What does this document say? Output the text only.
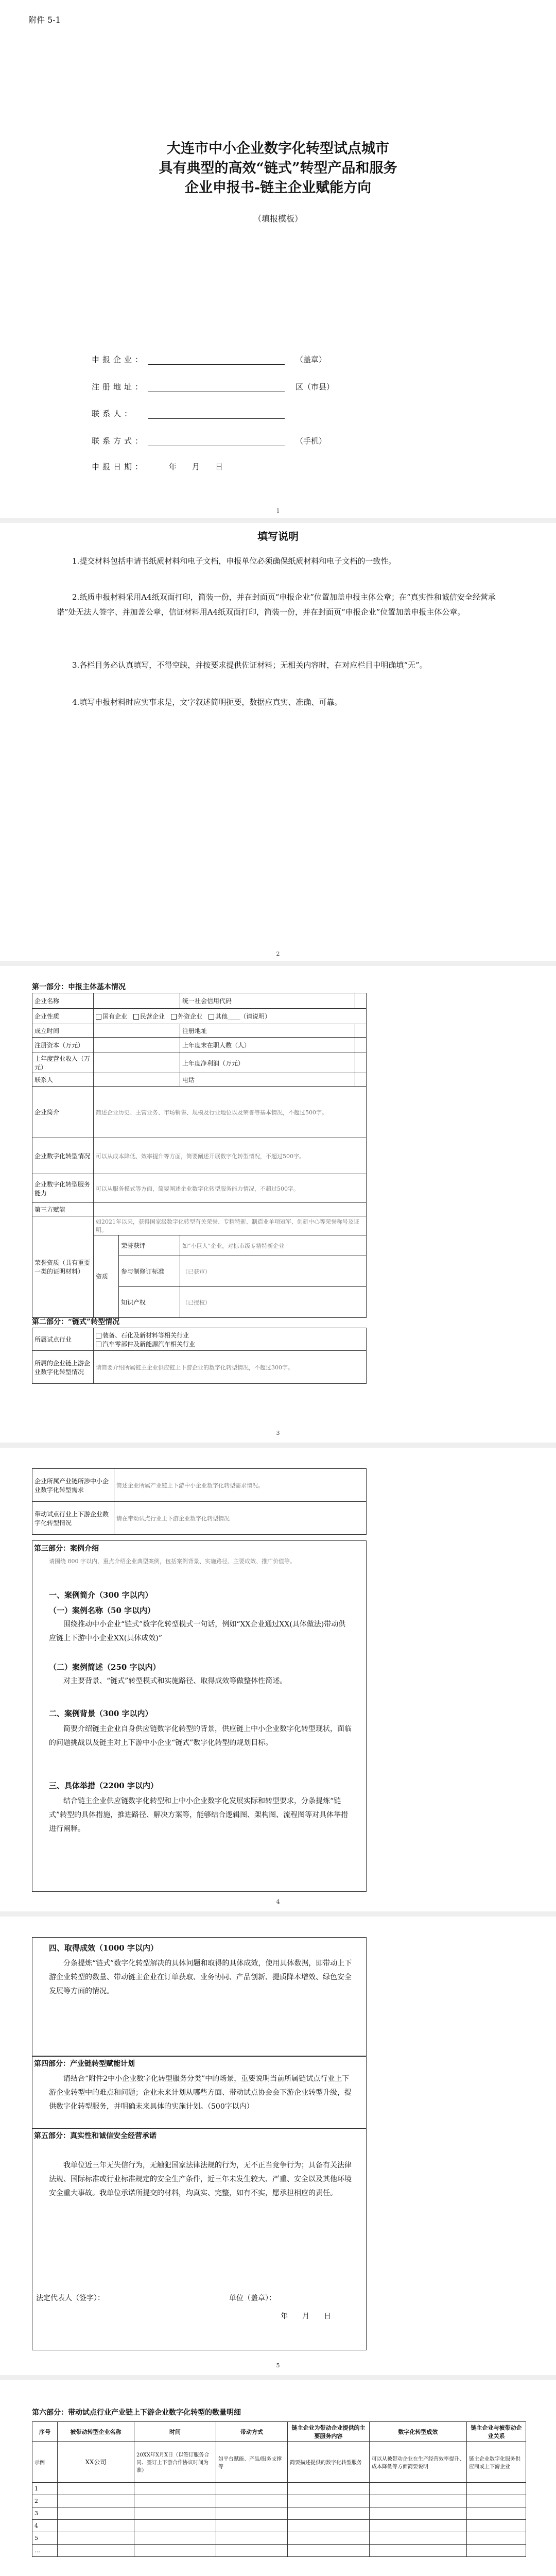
附件 5-1
大连市中小企业数字化转型试点城市
具有典型的高效“链式”转型产品和服务
企业申报书-链主企业赋能方向
（填报模板）
申报企业：	（盖章）
注册地址：	区（市县）
联系人：
联系方式：	（手机）
申报日期：	年　　月　　日
1
填写说明
1.提交材料包括申请书纸质材料和电子文档，申报单位必须确保纸质材料和电子文档的一致性。
2.纸质申报材料采用A4纸双面打印，简装一份，并在封面页“申报企业”位置加盖申报主体公章；在“真实性和诚信安全经营承诺”处无法人签字、并加盖公章，信证材料用A4纸双面打印，简装一份，并在封面页“申报企业”位置加盖申报主体公章。
3.各栏目务必认真填写，不得空缺，并按要求提供佐证材料；无相关内容时，在对应栏目中明确填“无”。
4.填写申报材料时应实事求是，文字叙述简明扼要，数据应真实、准确、可靠。
2
第一部分：申报主体基本情况
企业名称			统一社会信用代码	
企业性质	国有企业　 民营企业　 外资企业　 其他____（请说明）			
成立时间			注册地址	
注册资本（万元）			上年度末在职人数（人）	
上年度营业收入（万元）			上年度净利润（万元）	
联系人			电话	
企业简介	简述企业历史、主营业务、市场销售、规模及行业地位以及荣誉等基本情况，不超过500字。			
企业数字化转型情况	可以从成本降低、效率提升等方面，简要阐述开展数字化转型情况，不超过500字。			
企业数字化转型服务能力	可以从服务模式等方面，简要阐述企业数字化转型服务能力情况，不超过500字。			
第三方赋能				
荣誉资质（具有重要一类的证明材料）	如2021年以来，获得国家级数字化转型有关荣誉、专精特新、制造业单项冠军、创新中心等荣誉称号及证明。			
	资质	荣誉获评	如“小巨人”企业，对标市级专精特新企业	
		参与制修订标准	（已获审）	
		知识产权	（已授权）	
第二部分：“链式”转型情况
所属试点行业	装备、石化及新材料等相关行业
汽车零部件及新能源汽车相关行业

所属的企业链上游企业数字化转型情况	请简要介绍所属链主企业供应链上下游企业的数字化转型情况，不超过300字。
3
企业所属产业链所涉中小企业数字化转型需求	简述企业所属产业链上下游中小企业数字化转型需求情况。
带动试点行业上下游企业数字化转型情况	请在带动试点行业上下游企业数字化转型情况
第三部分：案例介绍
请围绕 800 字以内，重点介绍企业典型案例，包括案例背景、实施路径、主要成效、推广价值等。
一、案例简介（300 字以内）
（一）案例名称（50 字以内）
围绕推动中小企业“链式”数字化转型模式一句话，例如“XX企业通过XX(具体做法)带动供应链上下游中小企业XX(具体成效)”
（二）案例简述（250 字以内）
对主要背景、“链式”转型模式和实施路径、取得成效等做整体性简述。
二、案例背景（300 字以内）
简要介绍链主企业自身供应链数字化转型的背景，供应链上中小企业数字化转型现状，面临的问题挑战以及链主对上下游中小企业“链式”数字化转型的规划目标。
三、具体举措（2200 字以内）
结合链主企业供应链数字化转型和上中小企业数字化发展实际和转型要求，分条提炼“链式”转型的具体措施，推进路径、解决方案等，能够结合逻辑图、架构图、流程图等对具体举措进行阐释。
4
四、取得成效（1000 字以内）
分条提炼“链式”数字化转型解决的具体问题和取得的具体成效，使用具体数据，即带动上下游企业转型的数量、带动链主企业在订单获取、业务协同、产品创新、提质降本增效、绿色安全发展等方面的情况。
第四部分：产业链转型赋能计划
请结合“附件2中小企业数字化转型服务分类”中的场景，重要说明当前所属链试点行业上下游企业转型中的难点和问题；企业未来计划从哪些方面、带动试点协会会下游企业转型升级，提供数字化转型服务，并明确未来具体的实施计划。（500字以内）
第五部分：真实性和诚信安全经营承诺
我单位近三年无失信行为，无触犯国家法律法规的行为，无不正当竞争行为；具备有关法律法规、国际标准或行业标准规定的安全生产条件，近三年未发生较大、严重、安全以及其他环境安全重大事故。我单位承诺所提交的材料，均真实、完整，如有不实，愿承担相应的责任。
法定代表人（签字）：	单位（盖章）：
年　　月　　日
5
第六部分：带动试点行业产业链上下游企业数字化转型的数量明细
序号	被带动转型企业名称	时间	带动方式	链主企业为带动企业提供的主要服务内容	数字化转型成效	链主企业与被带动企业关系
示例	XX公司	20XX年X月X日（以签订服务合同、签订上下游合作协议时间为准）	如平台赋能、产品/服务支撑等	简要描述提供的数字化转型服务	可以从被带动企业在生产经营效率提升、成本降低等方面简要说明	链主企业数字化服务供应商或上下游企业
1						
2						
3						
4						
5						
…						
